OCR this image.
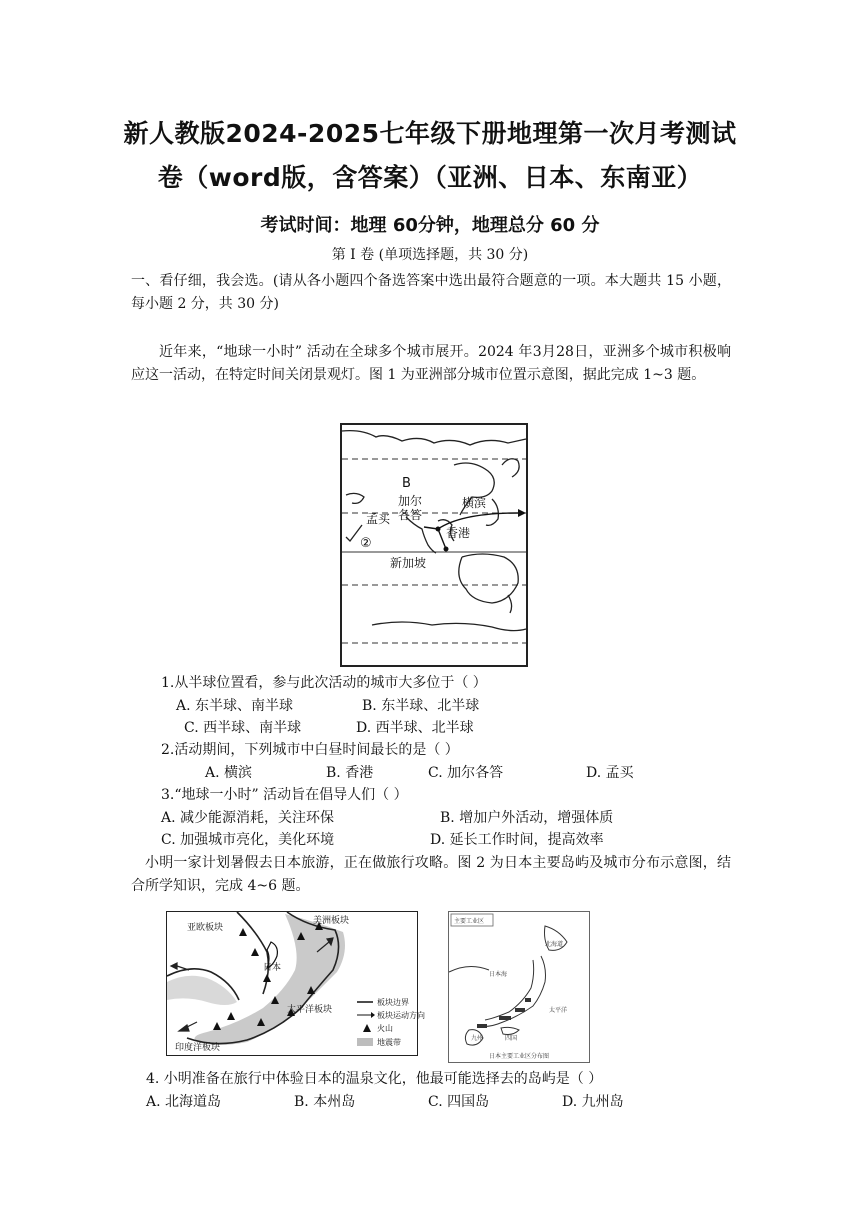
新人教版2024-2025七年级下册地理第一次月考测试
卷（word版，含答案）（亚洲、日本、东南亚）
考试时间：地理 60分钟，地理总分 60 分
第 I 卷 (单项选择题，共 30 分)
一、看仔细，我会选。(请从各小题四个备选答案中选出最符合题意的一项。本大题共 15 小题，每小题 2 分，共 30 分)
近年来，“地球一小时” 活动在全球多个城市展开。2024 年3月28日，亚洲多个城市积极响应这一活动，在特定时间关闭景观灯。图 1 为亚洲部分城市位置示意图，据此完成 1~3 题。
B
加尔
各答
横滨
孟买
香港
②
新加坡
1.从半球位置看，参与此次活动的城市大多位于（ ）
A. 东半球、南半球	B. 东半球、北半球
C. 西半球、南半球	D. 西半球、北半球
2.活动期间，下列城市中白昼时间最长的是（ ）
A. 横滨	B. 香港	C. 加尔各答	D. 孟买
3.“地球一小时” 活动旨在倡导人们（ ）
A. 减少能源消耗，关注环保	B. 增加户外活动，增强体质
C. 加强城市亮化，美化环境	D. 延长工作时间，提高效率
小明一家计划暑假去日本旅游，正在做旅行攻略。图 2 为日本主要岛屿及城市分布示意图，结合所学知识，完成 4~6 题。
美洲板块
亚欧板块
日本
太平洋板块
印度洋板块
板块边界
板块运动方向
火山
地震带
主要工业区
日本海
北海道
太平洋
四国
九州
日本主要工业区分布图
4. 小明准备在旅行中体验日本的温泉文化，他最可能选择去的岛屿是（ ）
A. 北海道岛	B. 本州岛	C. 四国岛	D. 九州岛
